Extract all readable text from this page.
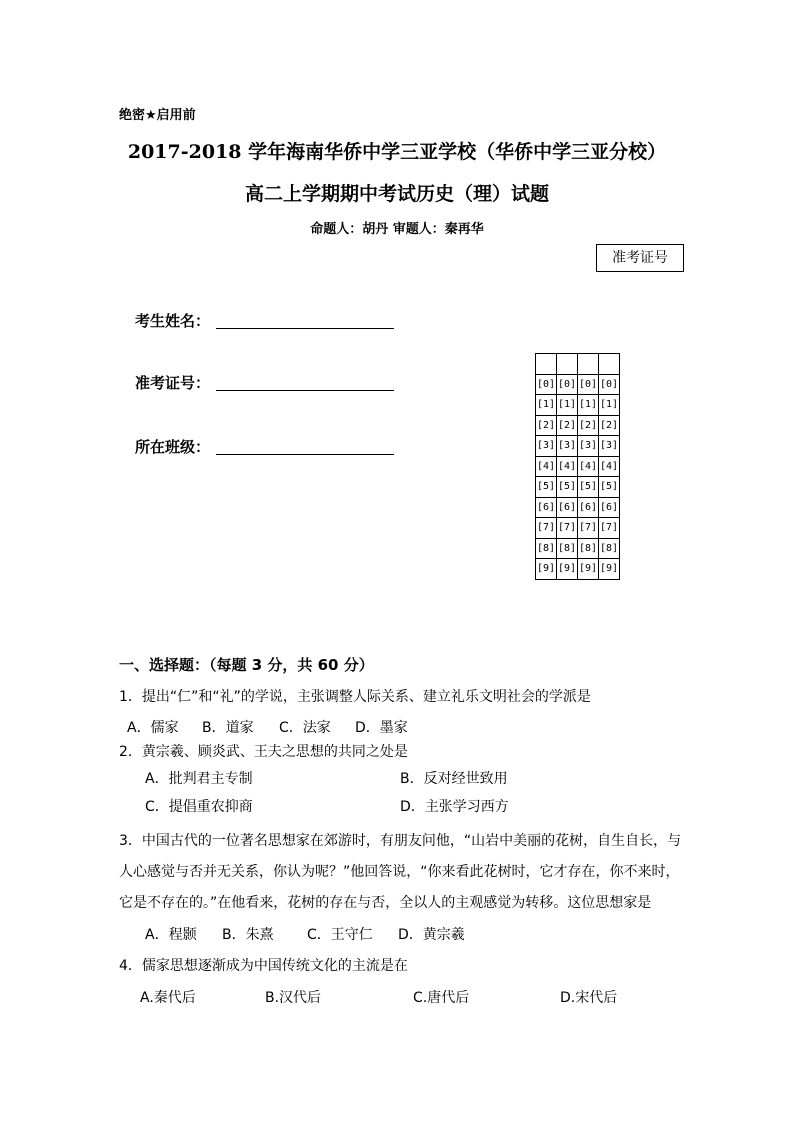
绝密★启用前
2017-2018 学年海南华侨中学三亚学校（华侨中学三亚分校）
高二上学期期中考试历史（理）试题
命题人：胡丹 审题人：秦再华
准考证号
考生姓名：
准考证号：
所在班级：

[0]	[0]	[0]	[0]
[1]	[1]	[1]	[1]
[2]	[2]	[2]	[2]
[3]	[3]	[3]	[3]
[4]	[4]	[4]	[4]
[5]	[5]	[5]	[5]
[6]	[6]	[6]	[6]
[7]	[7]	[7]	[7]
[8]	[8]	[8]	[8]
[9]	[9]	[9]	[9]
一、选择题：（每题 3 分，共 60 分）
1．提出“仁”和“礼”的学说，主张调整人际关系、建立礼乐文明社会的学派是
A．儒家 B．道家 C．法家 D．墨家
2．黄宗羲、顾炎武、王夫之思想的共同之处是
A．批判君主专制	B．反对经世致用
C．提倡重农抑商	D．主张学习西方
3．中国古代的一位著名思想家在郊游时，有朋友问他，“山岩中美丽的花树，自生自长，与
人心感觉与否并无关系，你认为呢？”他回答说，“你来看此花树时，它才存在，你不来时，
它是不存在的。”在他看来，花树的存在与否，全以人的主观感觉为转移。这位思想家是
A．程颢 B．朱熹 C．王守仁 D．黄宗羲
4．儒家思想逐渐成为中国传统文化的主流是在
A.秦代后	B.汉代后	C.唐代后	D.宋代后
